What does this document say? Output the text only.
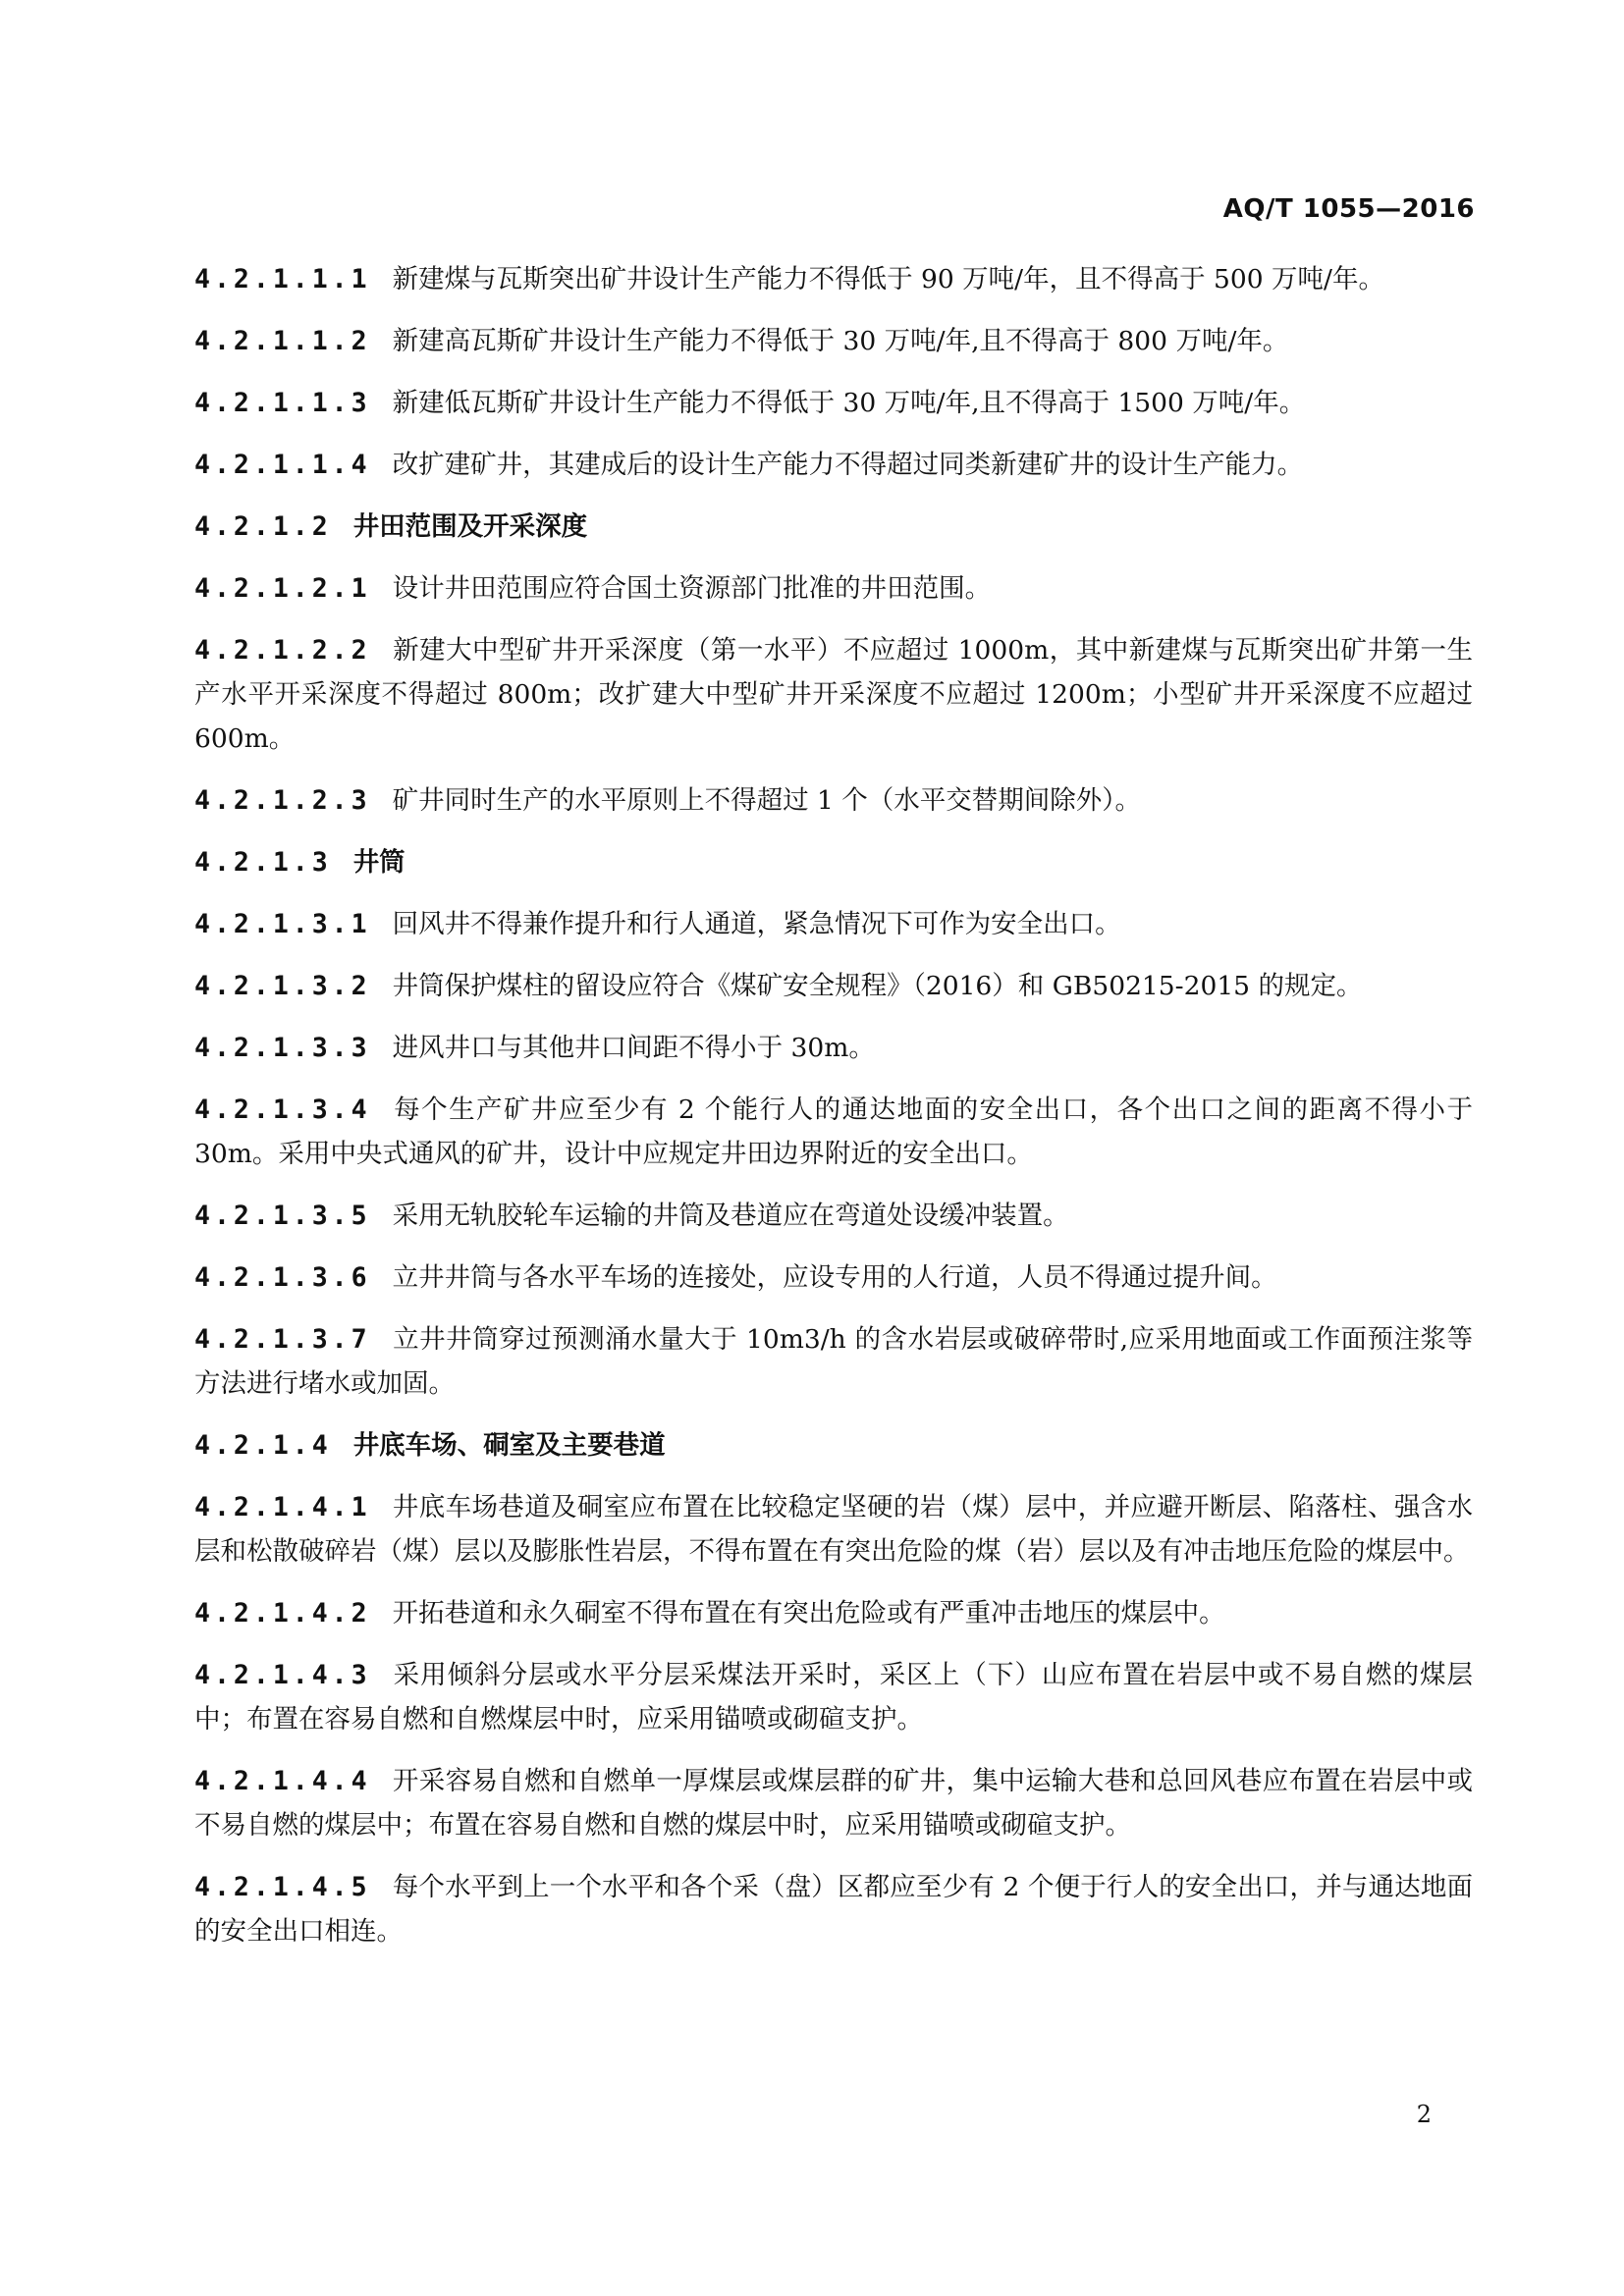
AQ/T 1055—2016

4.2.1.1.1 新建煤与瓦斯突出矿井设计生产能力不得低于 90 万吨/年，且不得高于 500 万吨/年。

4.2.1.1.2 新建高瓦斯矿井设计生产能力不得低于 30 万吨/年,且不得高于 800 万吨/年。

4.2.1.1.3 新建低瓦斯矿井设计生产能力不得低于 30 万吨/年,且不得高于 1500 万吨/年。

4.2.1.1.4 改扩建矿井，其建成后的设计生产能力不得超过同类新建矿井的设计生产能力。

4.2.1.2 井田范围及开采深度

4.2.1.2.1 设计井田范围应符合国土资源部门批准的井田范围。

4.2.1.2.2 新建大中型矿井开采深度（第一水平）不应超过 1000m，其中新建煤与瓦斯突出矿井第一生产水平开采深度不得超过 800m；改扩建大中型矿井开采深度不应超过 1200m；小型矿井开采深度不应超过 600m。

4.2.1.2.3 矿井同时生产的水平原则上不得超过 1 个（水平交替期间除外）。

4.2.1.3 井筒

4.2.1.3.1 回风井不得兼作提升和行人通道，紧急情况下可作为安全出口。

4.2.1.3.2 井筒保护煤柱的留设应符合《煤矿安全规程》（2016）和 GB50215-2015 的规定。

4.2.1.3.3 进风井口与其他井口间距不得小于 30m。

4.2.1.3.4 每个生产矿井应至少有 2 个能行人的通达地面的安全出口，各个出口之间的距离不得小于 30m。采用中央式通风的矿井，设计中应规定井田边界附近的安全出口。

4.2.1.3.5 采用无轨胶轮车运输的井筒及巷道应在弯道处设缓冲装置。

4.2.1.3.6 立井井筒与各水平车场的连接处，应设专用的人行道，人员不得通过提升间。

4.2.1.3.7 立井井筒穿过预测涌水量大于 10m3/h 的含水岩层或破碎带时,应采用地面或工作面预注浆等方法进行堵水或加固。

4.2.1.4 井底车场、硐室及主要巷道

4.2.1.4.1 井底车场巷道及硐室应布置在比较稳定坚硬的岩（煤）层中，并应避开断层、陷落柱、强含水层和松散破碎岩（煤）层以及膨胀性岩层，不得布置在有突出危险的煤（岩）层以及有冲击地压危险的煤层中。

4.2.1.4.2 开拓巷道和永久硐室不得布置在有突出危险或有严重冲击地压的煤层中。

4.2.1.4.3 采用倾斜分层或水平分层采煤法开采时，采区上（下）山应布置在岩层中或不易自燃的煤层中；布置在容易自燃和自燃煤层中时，应采用锚喷或砌碹支护。

4.2.1.4.4 开采容易自燃和自燃单一厚煤层或煤层群的矿井，集中运输大巷和总回风巷应布置在岩层中或不易自燃的煤层中；布置在容易自燃和自燃的煤层中时，应采用锚喷或砌碹支护。

4.2.1.4.5 每个水平到上一个水平和各个采（盘）区都应至少有 2 个便于行人的安全出口，并与通达地面的安全出口相连。

2
